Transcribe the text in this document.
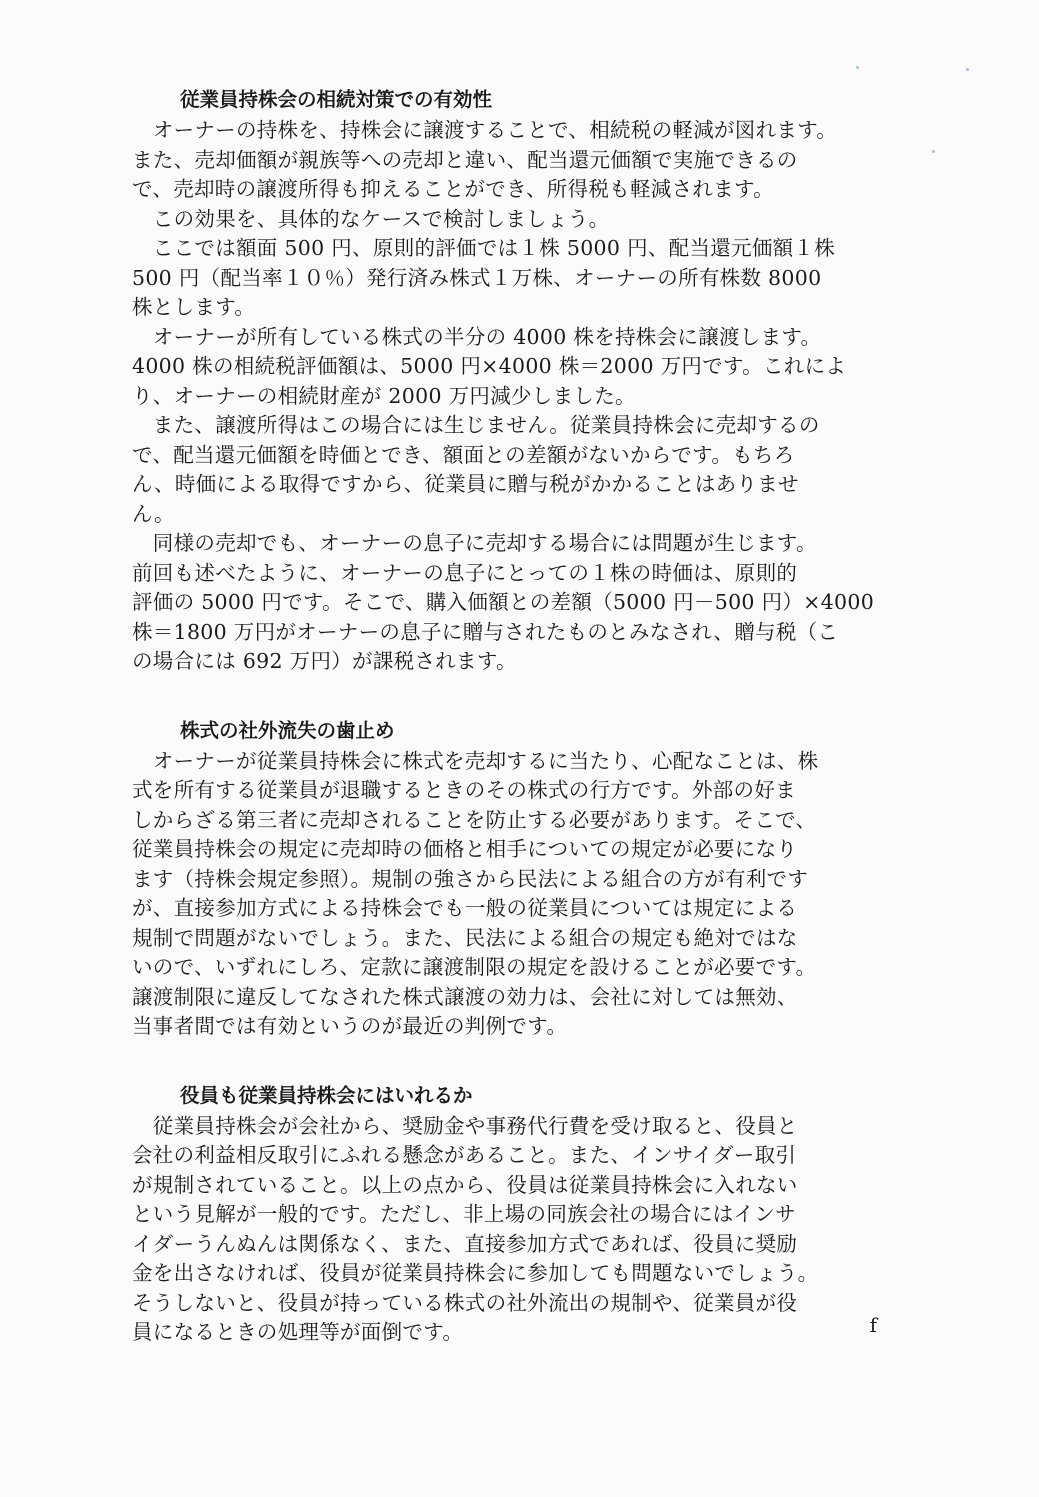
従業員持株会の相続対策での有効性
　オーナーの持株を、持株会に譲渡することで、相続税の軽減が図れます。
また、売却価額が親族等への売却と違い、配当還元価額で実施できるの
で、売却時の譲渡所得も抑えることができ、所得税も軽減されます。
　この効果を、具体的なケースで検討しましょう。
　ここでは額面 500 円、原則的評価では１株 5000 円、配当還元価額１株
500 円（配当率１０％）発行済み株式１万株、オーナーの所有株数 8000
株とします。
　オーナーが所有している株式の半分の 4000 株を持株会に譲渡します。
4000 株の相続税評価額は、5000 円×4000 株＝2000 万円です。これによ
り、オーナーの相続財産が 2000 万円減少しました。
　また、譲渡所得はこの場合には生じません。従業員持株会に売却するの
で、配当還元価額を時価とでき、額面との差額がないからです。もちろ
ん、時価による取得ですから、従業員に贈与税がかかることはありませ
ん。
　同様の売却でも、オーナーの息子に売却する場合には問題が生じます。
前回も述べたように、オーナーの息子にとっての１株の時価は、原則的
評価の 5000 円です。そこで、購入価額との差額（5000 円－500 円）×4000
株＝1800 万円がオーナーの息子に贈与されたものとみなされ、贈与税（こ
の場合には 692 万円）が課税されます。
株式の社外流失の歯止め
　オーナーが従業員持株会に株式を売却するに当たり、心配なことは、株
式を所有する従業員が退職するときのその株式の行方です。外部の好ま
しからざる第三者に売却されることを防止する必要があります。そこで、
従業員持株会の規定に売却時の価格と相手についての規定が必要になり
ます（持株会規定参照）。規制の強さから民法による組合の方が有利です
が、直接参加方式による持株会でも一般の従業員については規定による
規制で問題がないでしょう。また、民法による組合の規定も絶対ではな
いので、いずれにしろ、定款に譲渡制限の規定を設けることが必要です。
譲渡制限に違反してなされた株式譲渡の効力は、会社に対しては無効、
当事者間では有効というのが最近の判例です。
役員も従業員持株会にはいれるか
　従業員持株会が会社から、奨励金や事務代行費を受け取ると、役員と
会社の利益相反取引にふれる懸念があること。また、インサイダー取引
が規制されていること。以上の点から、役員は従業員持株会に入れない
という見解が一般的です。ただし、非上場の同族会社の場合にはインサ
イダーうんぬんは関係なく、また、直接参加方式であれば、役員に奨励
金を出さなければ、役員が従業員持株会に参加しても問題ないでしょう。
そうしないと、役員が持っている株式の社外流出の規制や、従業員が役
員になるときの処理等が面倒です。	f
